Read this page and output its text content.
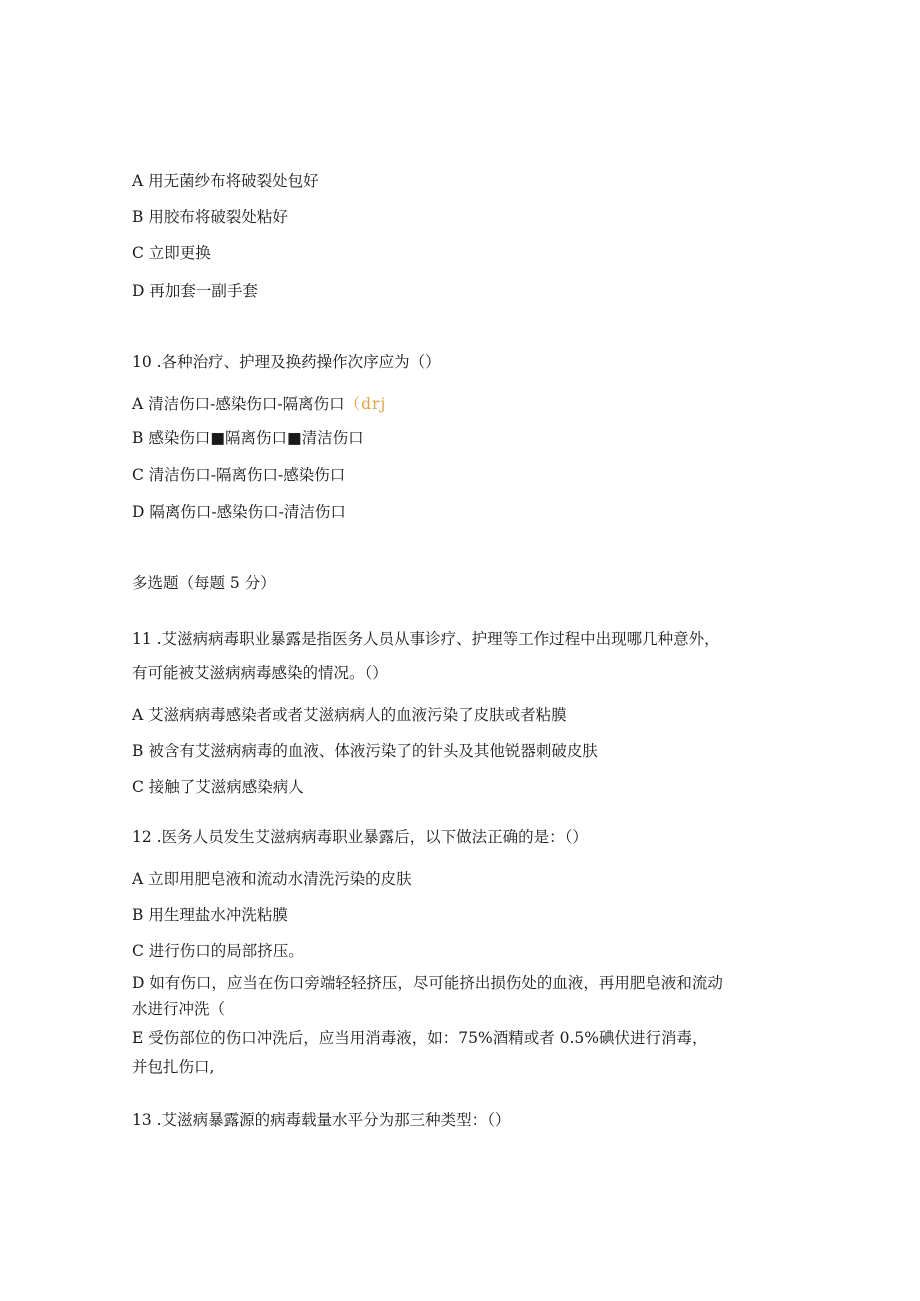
A 用无菌纱布将破裂处包好
B 用胶布将破裂处粘好
C 立即更换
D 再加套一副手套
10 .各种治疗、护理及换药操作次序应为（）
A 清洁伤口-感染伤口-隔离伤口（drj
B 感染伤口■隔离伤口■清洁伤口
C 清洁伤口-隔离伤口-感染伤口
D 隔离伤口-感染伤口-清洁伤口
多选题（每题 5 分）
11 .艾滋病病毒职业暴露是指医务人员从事诊疗、护理等工作过程中出现哪几种意外，
有可能被艾滋病病毒感染的情况。（）
A 艾滋病病毒感染者或者艾滋病病人的血液污染了皮肤或者粘膜
B 被含有艾滋病病毒的血液、体液污染了的针头及其他锐器刺破皮肤
C 接触了艾滋病感染病人
12 .医务人员发生艾滋病病毒职业暴露后，以下做法正确的是：（）
A 立即用肥皂液和流动水清洗污染的皮肤
B 用生理盐水冲洗粘膜
C 进行伤口的局部挤压。
D 如有伤口，应当在伤口旁端轻轻挤压，尽可能挤出损伤处的血液，再用肥皂液和流动
水进行冲洗（
E 受伤部位的伤口冲洗后，应当用消毒液，如：75%酒精或者 0.5%碘伏进行消毒，
并包扎伤口,
13 .艾滋病暴露源的病毒载量水平分为那三种类型：（）
